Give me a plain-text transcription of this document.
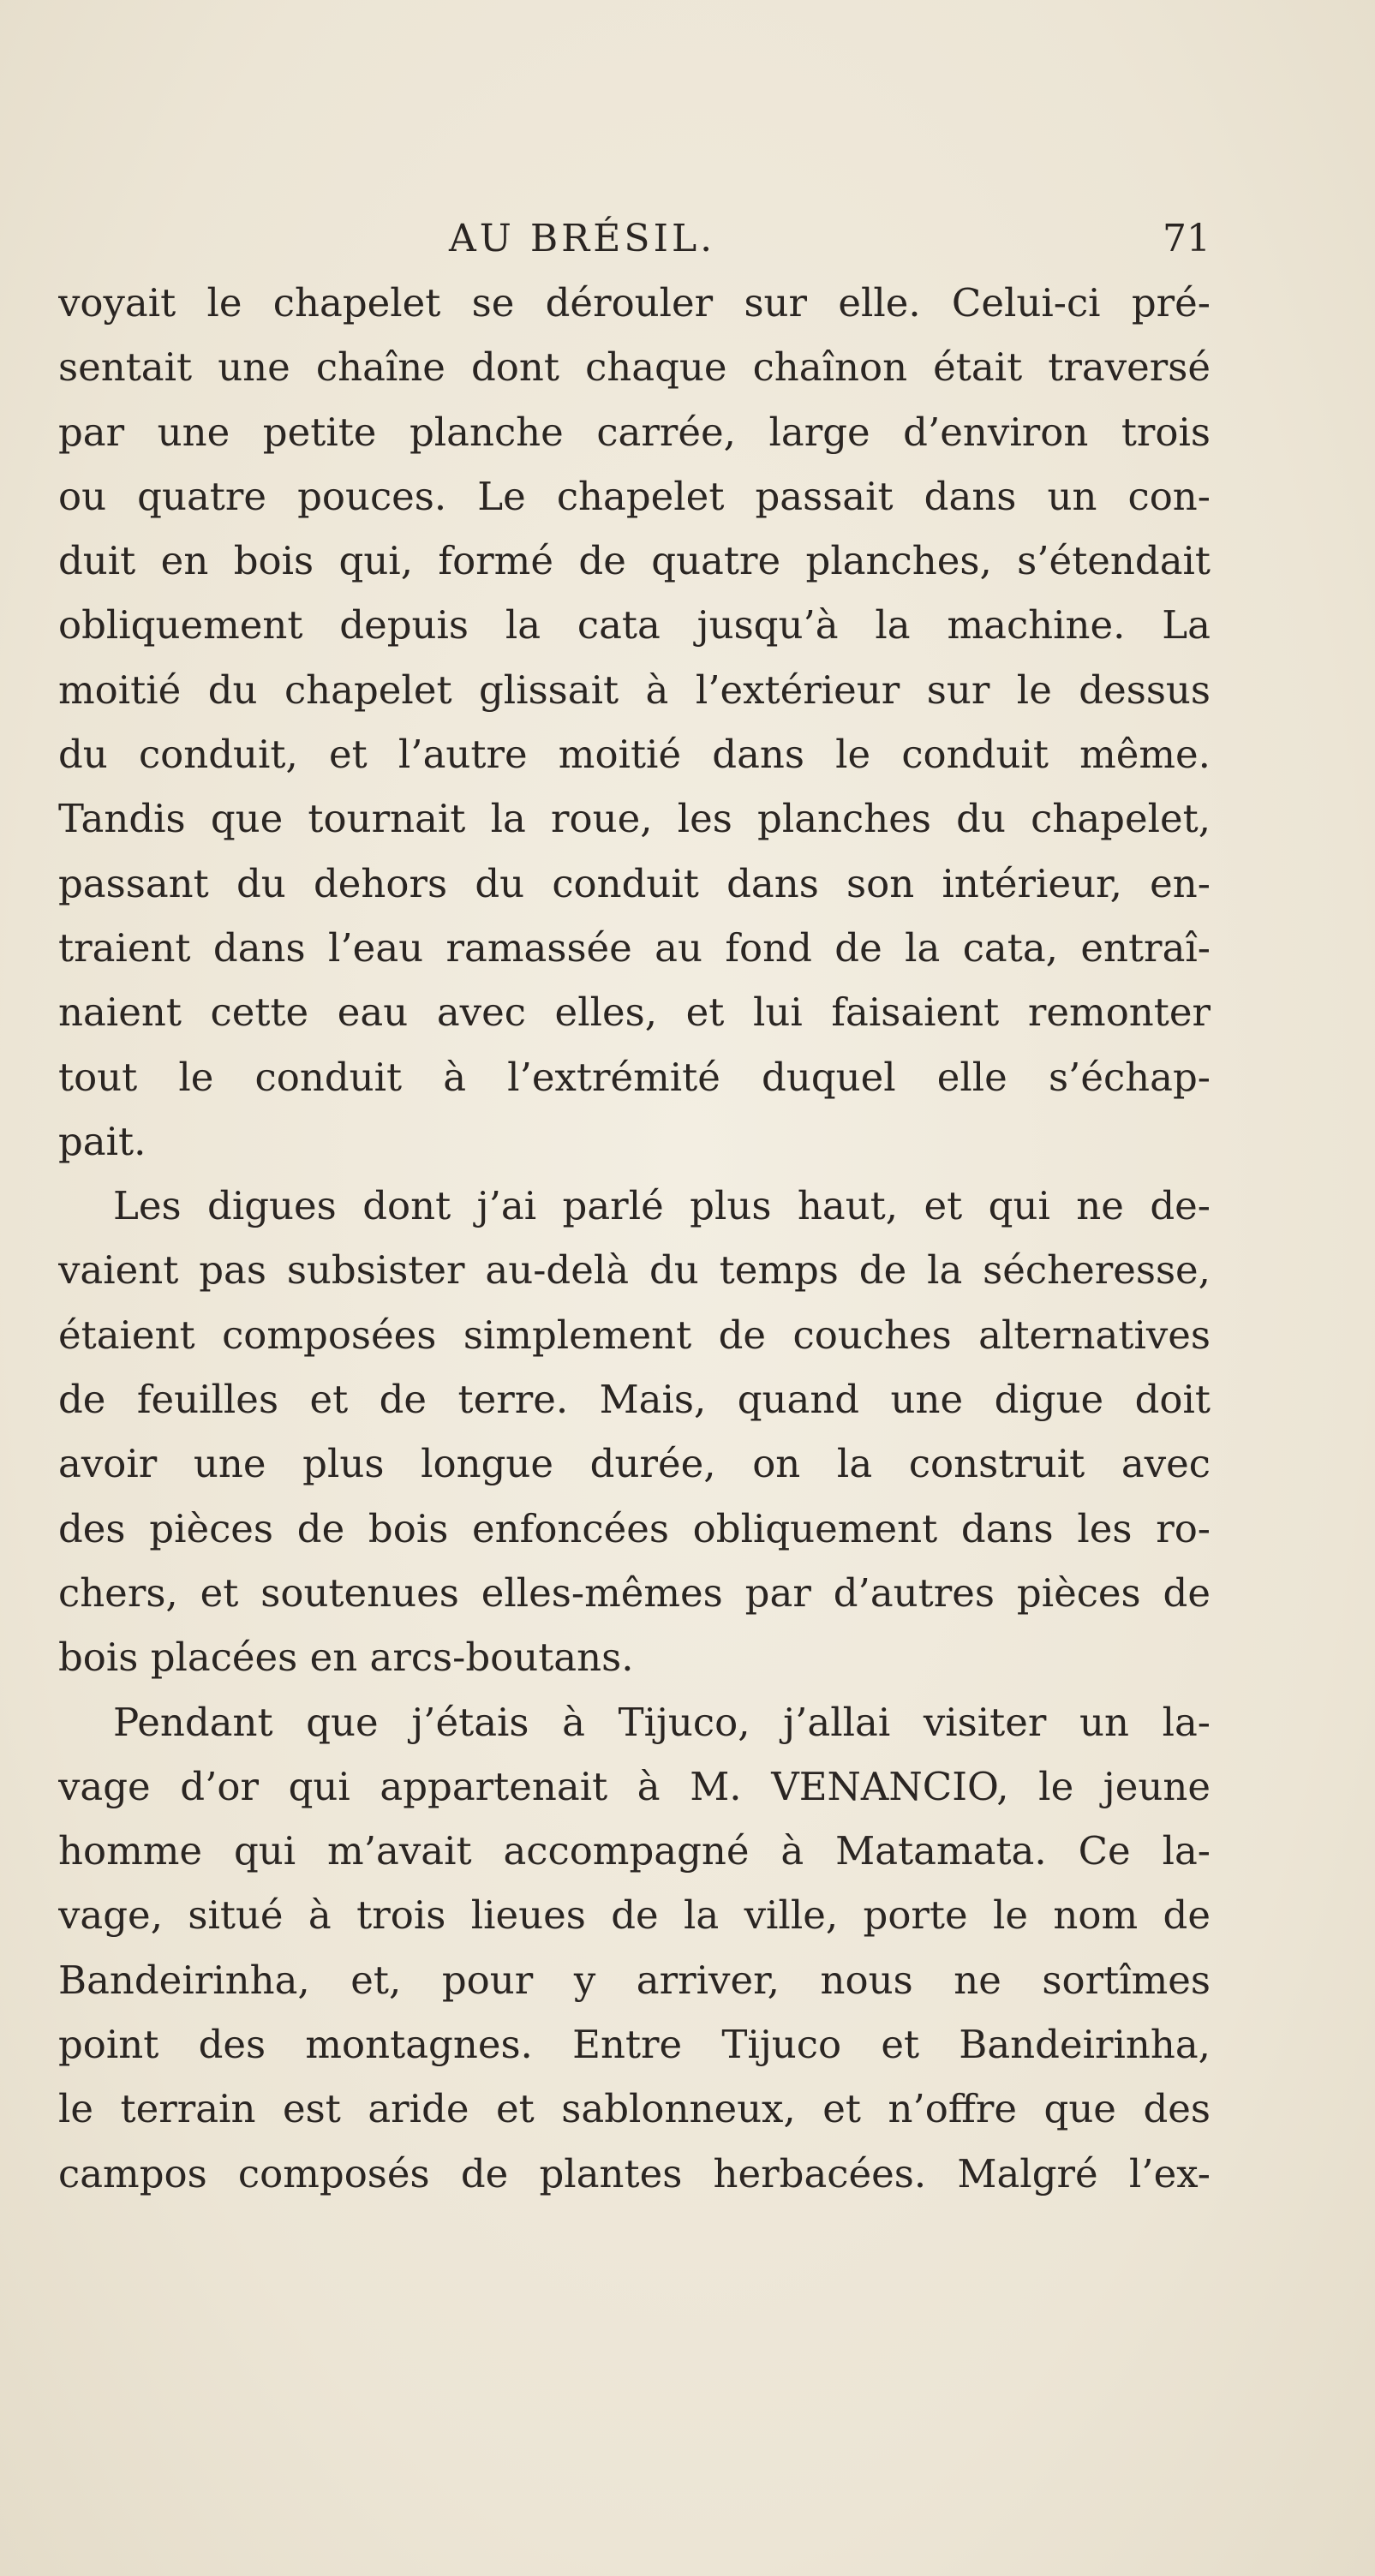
AU BRÉSIL.	71
voyait le chapelet se dérouler sur elle. Celui-ci pré-
sentait une chaîne dont chaque chaînon était traversé
par une petite planche carrée, large d’environ trois
ou quatre pouces. Le chapelet passait dans un con-
duit en bois qui, formé de quatre planches, s’étendait
obliquement depuis la cata jusqu’à la machine. La
moitié du chapelet glissait à l’extérieur sur le dessus
du conduit, et l’autre moitié dans le conduit même.
Tandis que tournait la roue, les planches du chapelet,
passant du dehors du conduit dans son intérieur, en-
traient dans l’eau ramassée au fond de la cata, entraî-
naient cette eau avec elles, et lui faisaient remonter
tout le conduit à l’extrémité duquel elle s’échap-
pait.
Les digues dont j’ai parlé plus haut, et qui ne de-
vaient pas subsister au-delà du temps de la sécheresse,
étaient composées simplement de couches alternatives
de feuilles et de terre. Mais, quand une digue doit
avoir une plus longue durée, on la construit avec
des pièces de bois enfoncées obliquement dans les ro-
chers, et soutenues elles-mêmes par d’autres pièces de
bois placées en arcs-boutans.
Pendant que j’étais à Tijuco, j’allai visiter un la-
vage d’or qui appartenait à M. VENANCIO, le jeune
homme qui m’avait accompagné à Matamata. Ce la-
vage, situé à trois lieues de la ville, porte le nom de
Bandeirinha, et, pour y arriver, nous ne sortîmes
point des montagnes. Entre Tijuco et Bandeirinha,
le terrain est aride et sablonneux, et n’offre que des
campos composés de plantes herbacées. Malgré l’ex-
